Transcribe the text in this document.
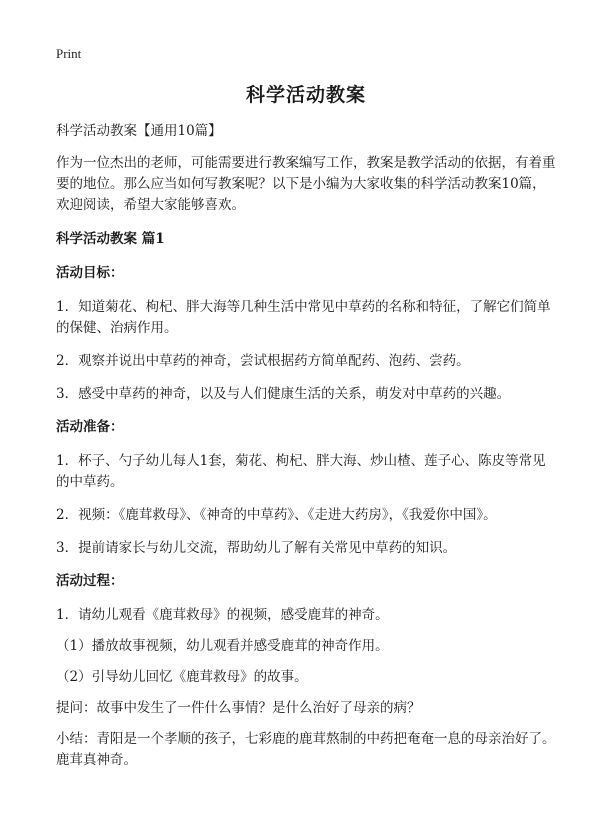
Print
科学活动教案

科学活动教案【通用10篇】

作为一位杰出的老师，可能需要进行教案编写工作，教案是教学活动的依据，有着重要的地位。那么应当如何写教案呢？以下是小编为大家收集的科学活动教案10篇，欢迎阅读，希望大家能够喜欢。

科学活动教案 篇1

活动目标：

1．知道菊花、枸杞、胖大海等几种生活中常见中草药的名称和特征，了解它们简单的保健、治病作用。

2．观察并说出中草药的神奇，尝试根据药方简单配药、泡药、尝药。

3．感受中草药的神奇，以及与人们健康生活的关系，萌发对中草药的兴趣。

活动准备：

1．杯子、勺子幼儿每人1套，菊花、枸杞、胖大海、炒山楂、莲子心、陈皮等常见的中草药。

2．视频：《鹿茸救母》、《神奇的中草药》、《走进大药房》，《我爱你中国》。

3．提前请家长与幼儿交流，帮助幼儿了解有关常见中草药的知识。

活动过程：

1．请幼儿观看《鹿茸救母》的视频，感受鹿茸的神奇。

（1）播放故事视频，幼儿观看并感受鹿茸的神奇作用。

（2）引导幼儿回忆《鹿茸救母》的故事。

提问：故事中发生了一件什么事情？是什么治好了母亲的病？

小结：青阳是一个孝顺的孩子，七彩鹿的鹿茸熬制的中药把奄奄一息的母亲治好了。鹿茸真神奇。
